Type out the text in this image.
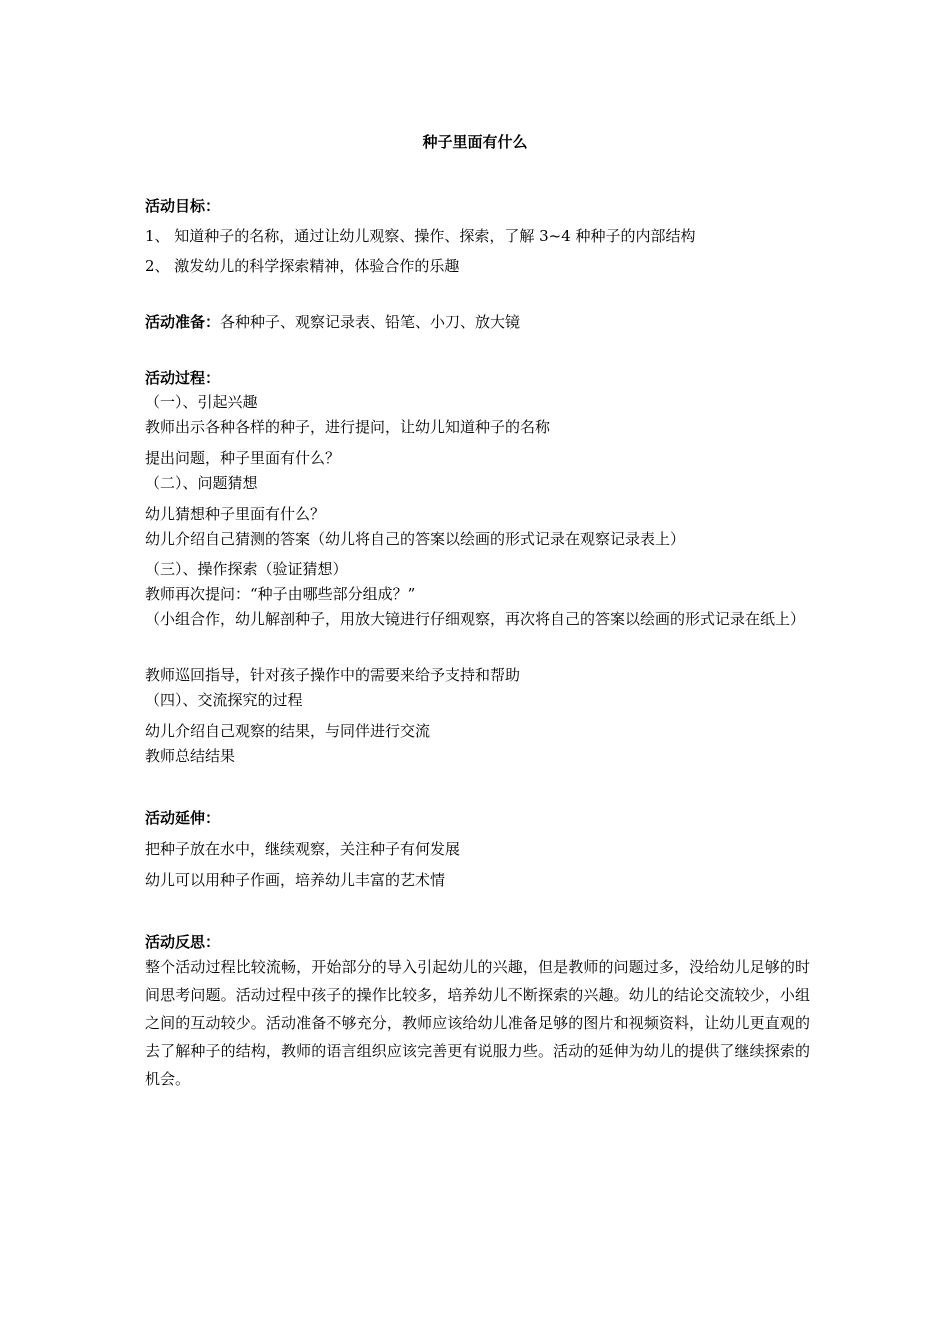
种子里面有什么
活动目标：
1、 知道种子的名称，通过让幼儿观察、操作、探索，了解 3~4 种种子的内部结构
2、 激发幼儿的科学探索精神，体验合作的乐趣
活动准备：各种种子、观察记录表、铅笔、小刀、放大镜
活动过程：
（一）、引起兴趣
教师出示各种各样的种子，进行提问，让幼儿知道种子的名称
提出问题，种子里面有什么？
（二）、问题猜想
幼儿猜想种子里面有什么？
幼儿介绍自己猜测的答案（幼儿将自己的答案以绘画的形式记录在观察记录表上）
（三）、操作探索（验证猜想）
教师再次提问：“种子由哪些部分组成？”
（小组合作，幼儿解剖种子，用放大镜进行仔细观察，再次将自己的答案以绘画的形式记录在纸上）
教师巡回指导，针对孩子操作中的需要来给予支持和帮助
（四）、交流探究的过程
幼儿介绍自己观察的结果，与同伴进行交流
教师总结结果
活动延伸：
把种子放在水中，继续观察，关注种子有何发展
幼儿可以用种子作画，培养幼儿丰富的艺术情
活动反思：
整个活动过程比较流畅，开始部分的导入引起幼儿的兴趣，但是教师的问题过多，没给幼儿足够的时间思考问题。活动过程中孩子的操作比较多，培养幼儿不断探索的兴趣。幼儿的结论交流较少，小组之间的互动较少。活动准备不够充分，教师应该给幼儿准备足够的图片和视频资料，让幼儿更直观的去了解种子的结构，教师的语言组织应该完善更有说服力些。活动的延伸为幼儿的提供了继续探索的机会。
